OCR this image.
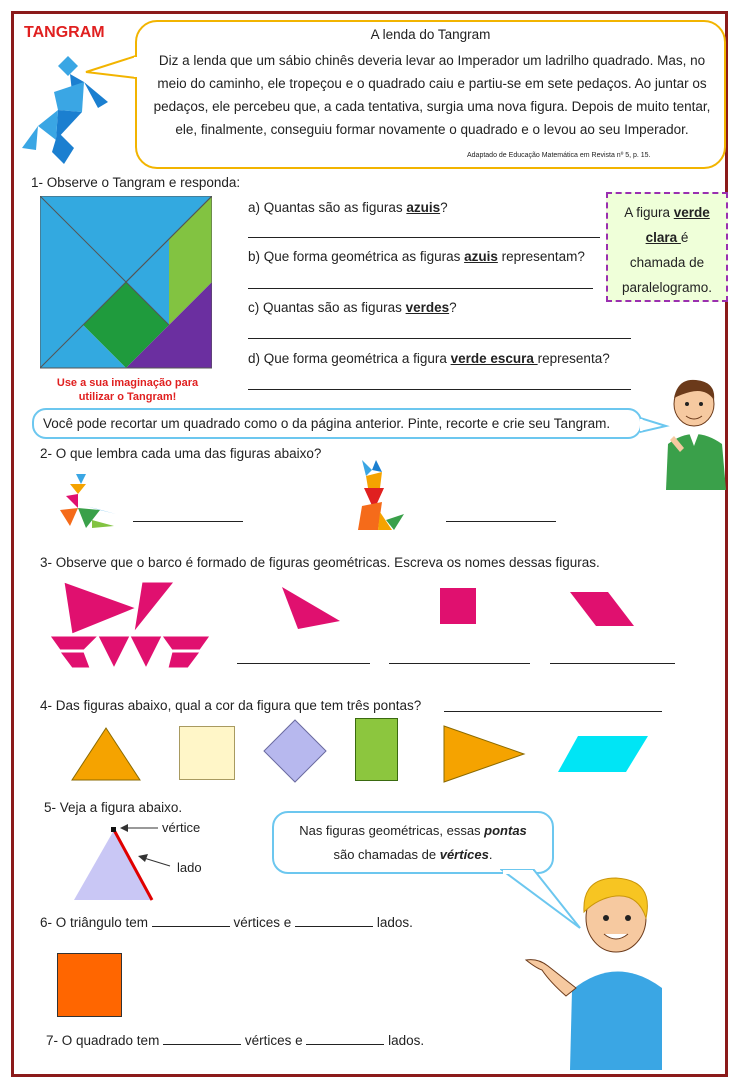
TANGRAM	A lenda do Tangram
Diz a lenda que um sábio chinês deveria levar ao Imperador um ladrilho quadrado. Mas, no meio do caminho, ele tropeçou e o quadrado caiu e partiu-se em sete pedaços. Ao juntar os pedaços, ele percebeu que, a cada tentativa, surgia uma nova figura. Depois de muito tentar, ele, finalmente, conseguiu formar novamente o quadrado e o levou ao seu Imperador.
Adaptado de Educação Matemática em Revista nº 5, p. 15.
1- Observe o Tangram e responda:
Use a sua imaginação para utilizar o Tangram!
a) Quantas são as figuras azuis?
b) Que forma geométrica as figuras azuis representam?
c) Quantas são as figuras verdes?
d) Que forma geométrica a figura verde escura representa?
A figura verde
clara é
chamada de
paralelogramo.
Você pode recortar um quadrado como o da página anterior. Pinte, recorte e crie seu Tangram.
2- O que lembra cada uma das figuras abaixo?
3- Observe que o barco é formado de figuras geométricas. Escreva os nomes dessas figuras.
4- Das figuras abaixo, qual a cor da figura que tem três pontas?
5- Veja a figura abaixo.
vértice
lado
Nas figuras geométricas, essas pontas
são chamadas de vértices.
6- O triângulo tem	vértices e	lados.
7- O quadrado tem	vértices e	lados.
